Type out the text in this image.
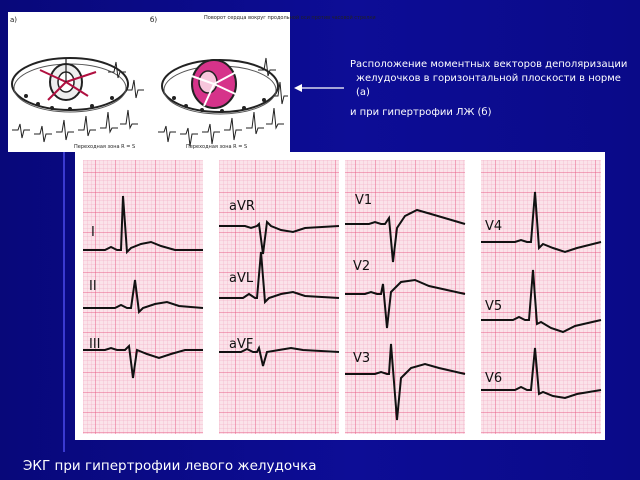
а)
Переходная зона R = S
б)	Поворот сердца вокруг продольной оси против часовой стрелки
Переходная зона R = S
Расположение моментных векторов деполяризации
желудочков в горизонтальной плоскости в норме (а)
и при гипертрофии ЛЖ (б)
I
II
III
aVR
aVL
aVF
V1
V2
V3
V4
V5
V6
ЭКГ при гипертрофии левого желудочка
